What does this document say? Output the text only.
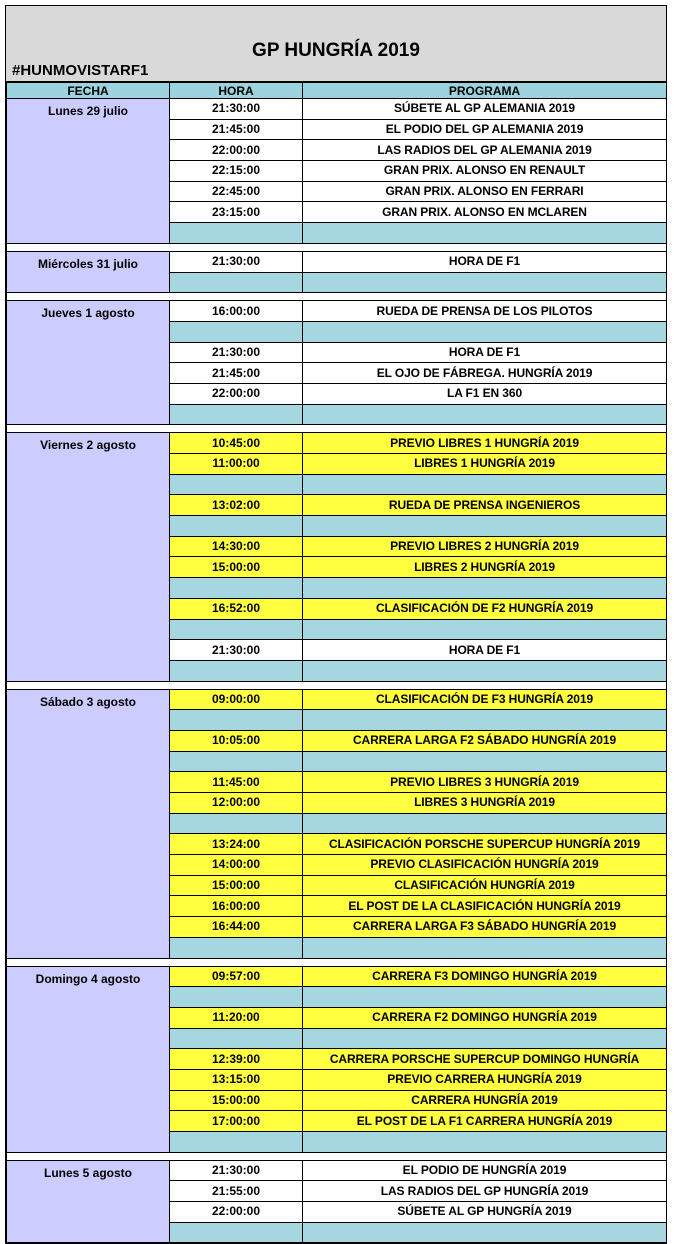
GP HUNGRÍA 2019
#HUNMOVISTARF1
FECHA	HORA	PROGRAMA
Lunes 29 julio	21:30:00	SÚBETE AL GP ALEMANIA 2019
	21:45:00	EL PODIO DEL GP ALEMANIA 2019
	22:00:00	LAS RADIOS DEL GP ALEMANIA 2019
	22:15:00	GRAN PRIX. ALONSO EN RENAULT
	22:45:00	GRAN PRIX. ALONSO EN FERRARI
	23:15:00	GRAN PRIX. ALONSO EN MCLAREN

Miércoles 31 julio	21:30:00	HORA DE F1

Jueves 1 agosto	16:00:00	RUEDA DE PRENSA DE LOS PILOTOS

	21:30:00	HORA DE F1
	21:45:00	EL OJO DE FÁBREGA. HUNGRÍA 2019
	22:00:00	LA F1 EN 360

Viernes 2 agosto	10:45:00	PREVIO LIBRES 1 HUNGRÍA 2019
	11:00:00	LIBRES 1 HUNGRÍA 2019

	13:02:00	RUEDA DE PRENSA INGENIEROS

	14:30:00	PREVIO LIBRES 2 HUNGRÍA 2019
	15:00:00	LIBRES 2 HUNGRÍA 2019

	16:52:00	CLASIFICACIÓN DE F2 HUNGRÍA 2019

	21:30:00	HORA DE F1

Sábado 3 agosto	09:00:00	CLASIFICACIÓN DE F3 HUNGRÍA 2019

	10:05:00	CARRERA LARGA F2 SÁBADO HUNGRÍA 2019

	11:45:00	PREVIO LIBRES 3 HUNGRÍA 2019
	12:00:00	LIBRES 3 HUNGRÍA 2019

	13:24:00	CLASIFICACIÓN PORSCHE SUPERCUP HUNGRÍA 2019
	14:00:00	PREVIO CLASIFICACIÓN HUNGRÍA 2019
	15:00:00	CLASIFICACIÓN HUNGRÍA 2019
	16:00:00	EL POST DE LA CLASIFICACIÓN HUNGRÍA 2019
	16:44:00	CARRERA LARGA F3 SÁBADO HUNGRÍA 2019

Domingo 4 agosto	09:57:00	CARRERA F3 DOMINGO HUNGRÍA 2019

	11:20:00	CARRERA F2 DOMINGO HUNGRÍA 2019

	12:39:00	CARRERA PORSCHE SUPERCUP DOMINGO HUNGRÍA
	13:15:00	PREVIO CARRERA HUNGRÍA 2019
	15:00:00	CARRERA HUNGRÍA 2019
	17:00:00	EL POST DE LA F1 CARRERA HUNGRÍA 2019

Lunes 5 agosto	21:30:00	EL PODIO DE HUNGRÍA 2019
	21:55:00	LAS RADIOS DEL GP HUNGRÍA 2019
	22:00:00	SÚBETE AL GP HUNGRÍA 2019
